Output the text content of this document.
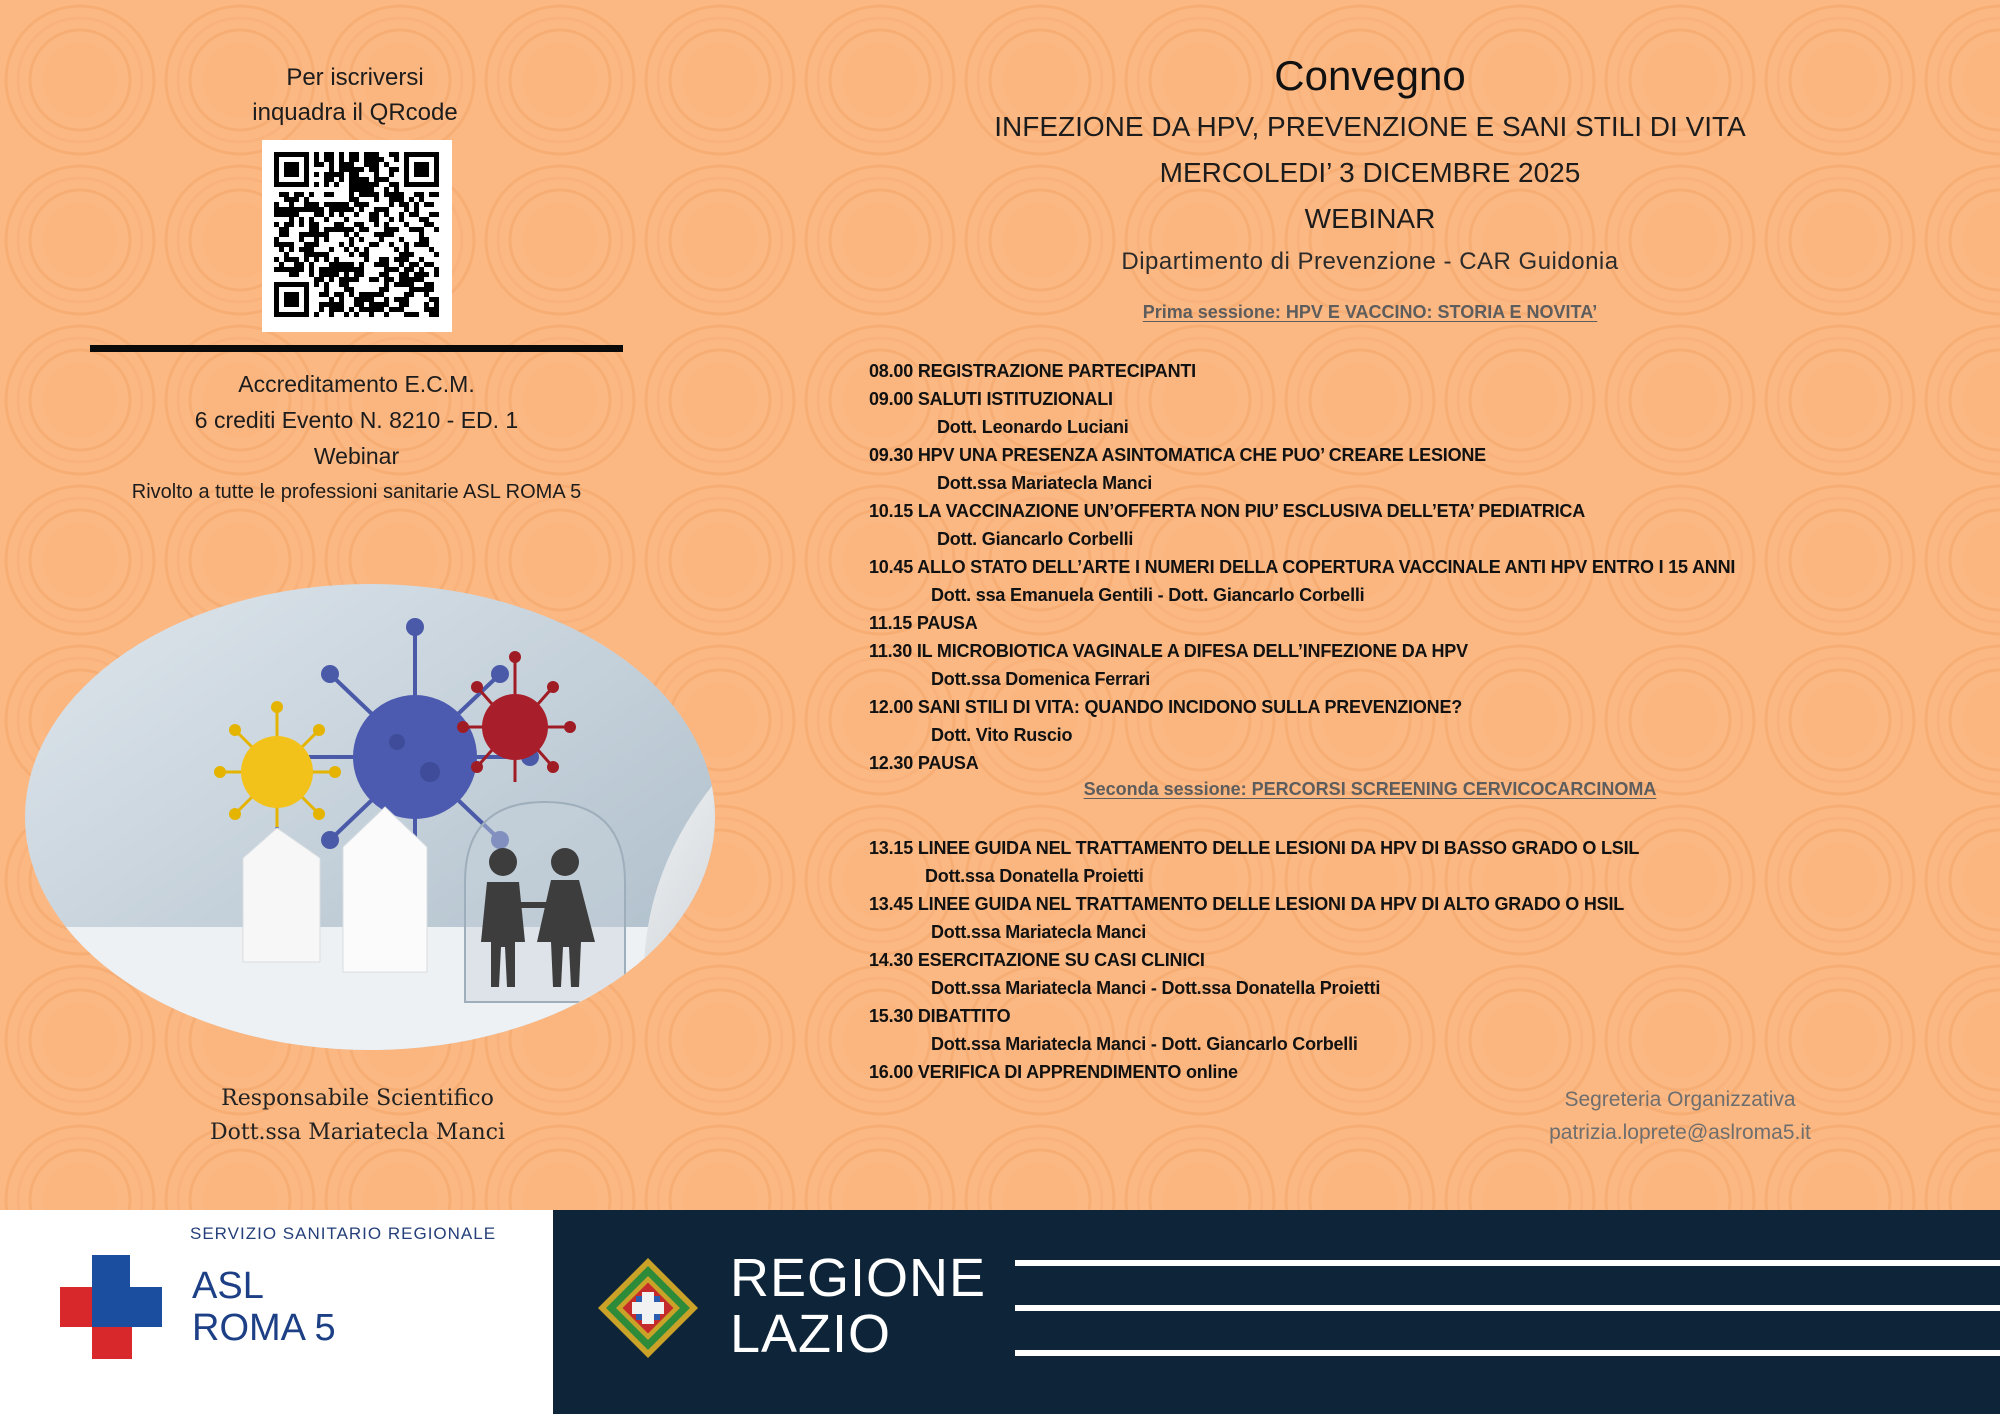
Per iscriversi
inquadra il QRcode
Accreditamento E.C.M.
6 crediti Evento N. 8210 - ED. 1
Webinar
Rivolto a tutte le professioni sanitarie ASL ROMA 5
Responsabile Scientifico
Dott.ssa Mariatecla Manci
Convegno
INFEZIONE DA HPV, PREVENZIONE E SANI STILI DI VITA
MERCOLEDI’ 3 DICEMBRE 2025
WEBINAR
Dipartimento di Prevenzione - CAR Guidonia
Prima sessione: HPV E VACCINO: STORIA E NOVITA’
08.00 REGISTRAZIONE PARTECIPANTI
09.00 SALUTI ISTITUZIONALI
Dott. Leonardo Luciani
09.30 HPV UNA PRESENZA ASINTOMATICA CHE PUO’ CREARE LESIONE
Dott.ssa Mariatecla Manci
10.15 LA VACCINAZIONE UN’OFFERTA NON PIU’ ESCLUSIVA DELL’ETA’ PEDIATRICA
Dott. Giancarlo Corbelli
10.45 ALLO STATO DELL’ARTE I NUMERI DELLA COPERTURA VACCINALE ANTI HPV ENTRO I 15 ANNI
Dott. ssa Emanuela Gentili - Dott. Giancarlo Corbelli
11.15 PAUSA
11.30 IL MICROBIOTICA VAGINALE A DIFESA DELL’INFEZIONE DA HPV
Dott.ssa Domenica Ferrari
12.00 SANI STILI DI VITA: QUANDO INCIDONO SULLA PREVENZIONE?
Dott. Vito Ruscio
12.30 PAUSA
Seconda sessione: PERCORSI SCREENING CERVICOCARCINOMA
13.15 LINEE GUIDA NEL TRATTAMENTO DELLE LESIONI DA HPV DI BASSO GRADO O LSIL
Dott.ssa Donatella Proietti
13.45 LINEE GUIDA NEL TRATTAMENTO DELLE LESIONI DA HPV DI ALTO GRADO O HSIL
Dott.ssa Mariatecla Manci
14.30 ESERCITAZIONE SU CASI CLINICI
Dott.ssa Mariatecla Manci - Dott.ssa Donatella Proietti
15.30 DIBATTITO
Dott.ssa Mariatecla Manci - Dott. Giancarlo Corbelli
16.00 VERIFICA DI APPRENDIMENTO online
Segreteria Organizzativa
patrizia.loprete@aslroma5.it
SERVIZIO SANITARIO REGIONALE
ASL
ROMA 5
REGIONE
LAZIO
